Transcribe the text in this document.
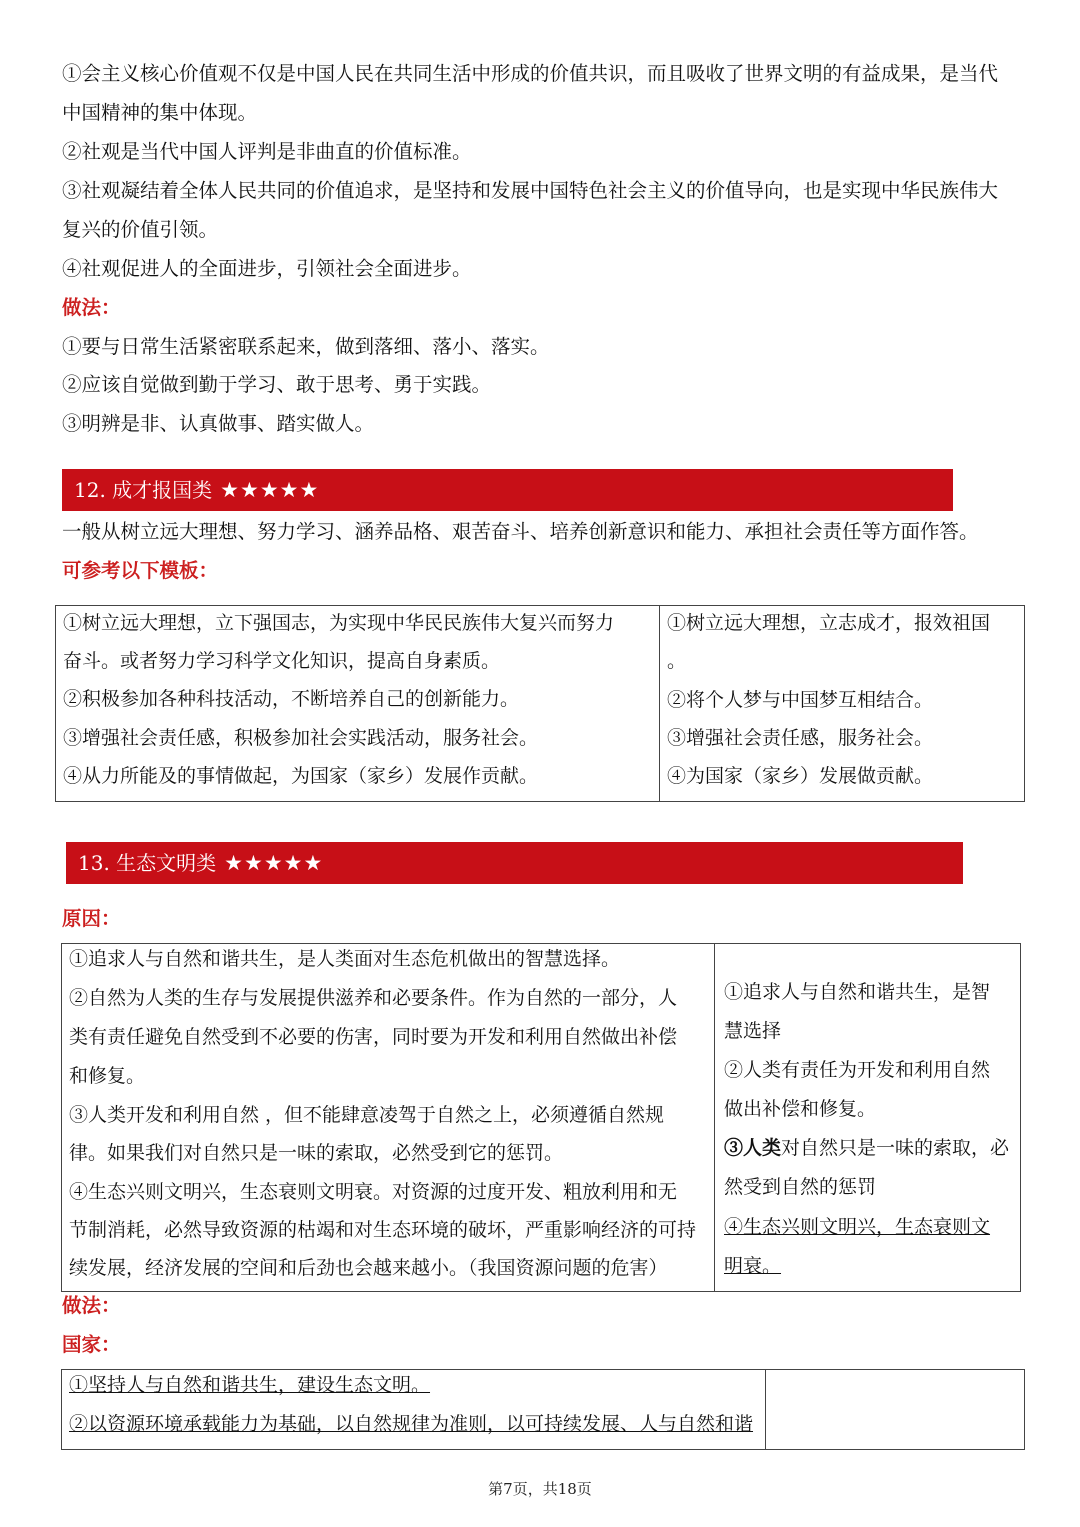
①会主义核心价值观不仅是中国人民在共同生活中形成的价值共识，而且吸收了世界文明的有益成果，是当代
中国精神的集中体现。
②社观是当代中国人评判是非曲直的价值标准。
③社观凝结着全体人民共同的价值追求，是坚持和发展中国特色社会主义的价值导向，也是实现中华民族伟大
复兴的价值引领。
④社观促进人的全面进步，引领社会全面进步。
做法：
①要与日常生活紧密联系起来，做到落细、落小、落实。
②应该自觉做到勤于学习、敢于思考、勇于实践。
③明辨是非、认真做事、踏实做人。
12. 成才报国类 ★★★★★
一般从树立远大理想、努力学习、涵养品格、艰苦奋斗、培养创新意识和能力、承担社会责任等方面作答。
可参考以下模板：

①树立远大理想，立下强国志，为实现中华民民族伟大复兴而努力

奋斗。或者努力学习科学文化知识，提高自身素质。

②积极参加各种科技活动，不断培养自己的创新能力。

③增强社会责任感，积极参加社会实践活动，服务社会。

④从力所能及的事情做起，为国家（家乡）发展作贡献。

①树立远大理想，立志成才，报效祖国

。

②将个人梦与中国梦互相结合。

③增强社会责任感，服务社会。

④为国家（家乡）发展做贡献。

13. 生态文明类 ★★★★★
原因：

①追求人与自然和谐共生，是人类面对生态危机做出的智慧选择。

②自然为人类的生存与发展提供滋养和必要条件。作为自然的一部分，人

类有责任避免自然受到不必要的伤害，同时要为开发和利用自然做出补偿

和修复。

③人类开发和利用自然 ，但不能肆意凌驾于自然之上，必须遵循自然规

律。如果我们对自然只是一味的索取，必然受到它的惩罚。

④生态兴则文明兴，生态衰则文明衰。对资源的过度开发、粗放利用和无

节制消耗，必然导致资源的枯竭和对生态环境的破坏，严重影响经济的可持

续发展，经济发展的空间和后劲也会越来越小。（我国资源问题的危害）

①追求人与自然和谐共生，是智

慧选择

②人类有责任为开发和利用自然

做出补偿和修复。

③人类对自然只是一味的索取，必

然受到自然的惩罚

④生态兴则文明兴，生态衰则文

明衰。

做法：
国家：

①坚持人与自然和谐共生，建设生态文明。

②以资源环境承载能力为基础，以自然规律为准则，以可持续发展、人与自然和谐

第7页，共18页
